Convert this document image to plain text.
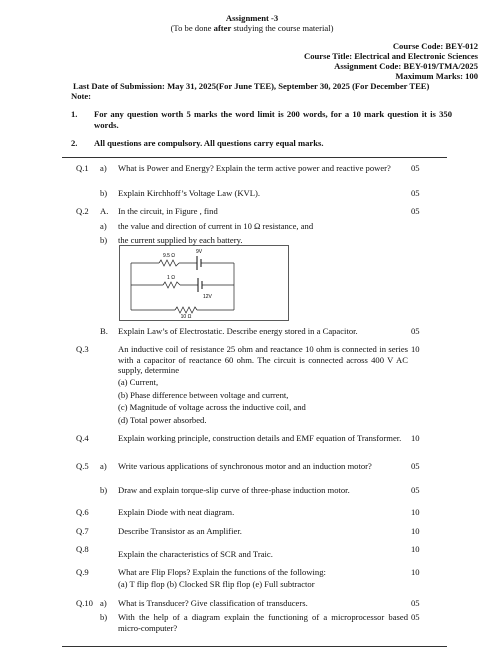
Assignment -3
(To be done after studying the course material)
Course Code: BEY-012
Course Title: Electrical and Electronic Sciences
Assignment Code: BEY-019/TMA/2025
Maximum Marks: 100
Last Date of Submission: May 31, 2025(For June TEE), September 30, 2025 (For December TEE)
Note:
1. For any question worth 5 marks the word limit is 200 words, for a 10 mark question it is 350 words.
2. All questions are compulsory. All questions carry equal marks.
Q.1 a) What is Power and Energy? Explain the term active power and reactive power?	05
b) Explain Kirchhoff’s Voltage Law (KVL).	05
Q.2 A. In the circuit, in Figure , find	05
a) the value and direction of current in 10 Ω resistance, and
b) the current supplied by each battery.
9V
9.5 Ω
1 Ω
12V
10 Ω
B. Explain Law’s of Electrostatic. Describe energy stored in a Capacitor.	05
Q.3	An inductive coil of resistance 25 ohm and reactance 10 ohm is connected in series with a capacitor of reactance 60 ohm. The circuit is connected across 400 V AC supply, determine
10
(a) Current,
(b) Phase difference between voltage and current,
(c) Magnitude of voltage across the inductive coil, and
(d) Total power absorbed.
Q.4	Explain working principle, construction details and EMF equation of Transformer.	10
Q.5 a) Write various applications of synchronous motor and an induction motor?	05
b) Draw and explain torque-slip curve of three-phase induction motor.	05
Q.6	Explain Diode with neat diagram.	10
Q.7	Describe Transistor as an Amplifier.	10
Q.8	Explain the characteristics of SCR and Traic.	10
Q.9	What are Flip Flops? Explain the functions of the following:
(a) T flip flop (b) Clocked SR flip flop (e) Full subtractor
10
Q.10 a) What is Transducer? Give classification of transducers.	05
b) With the help of a diagram explain the functioning of a microprocessor based micro-computer?
05
